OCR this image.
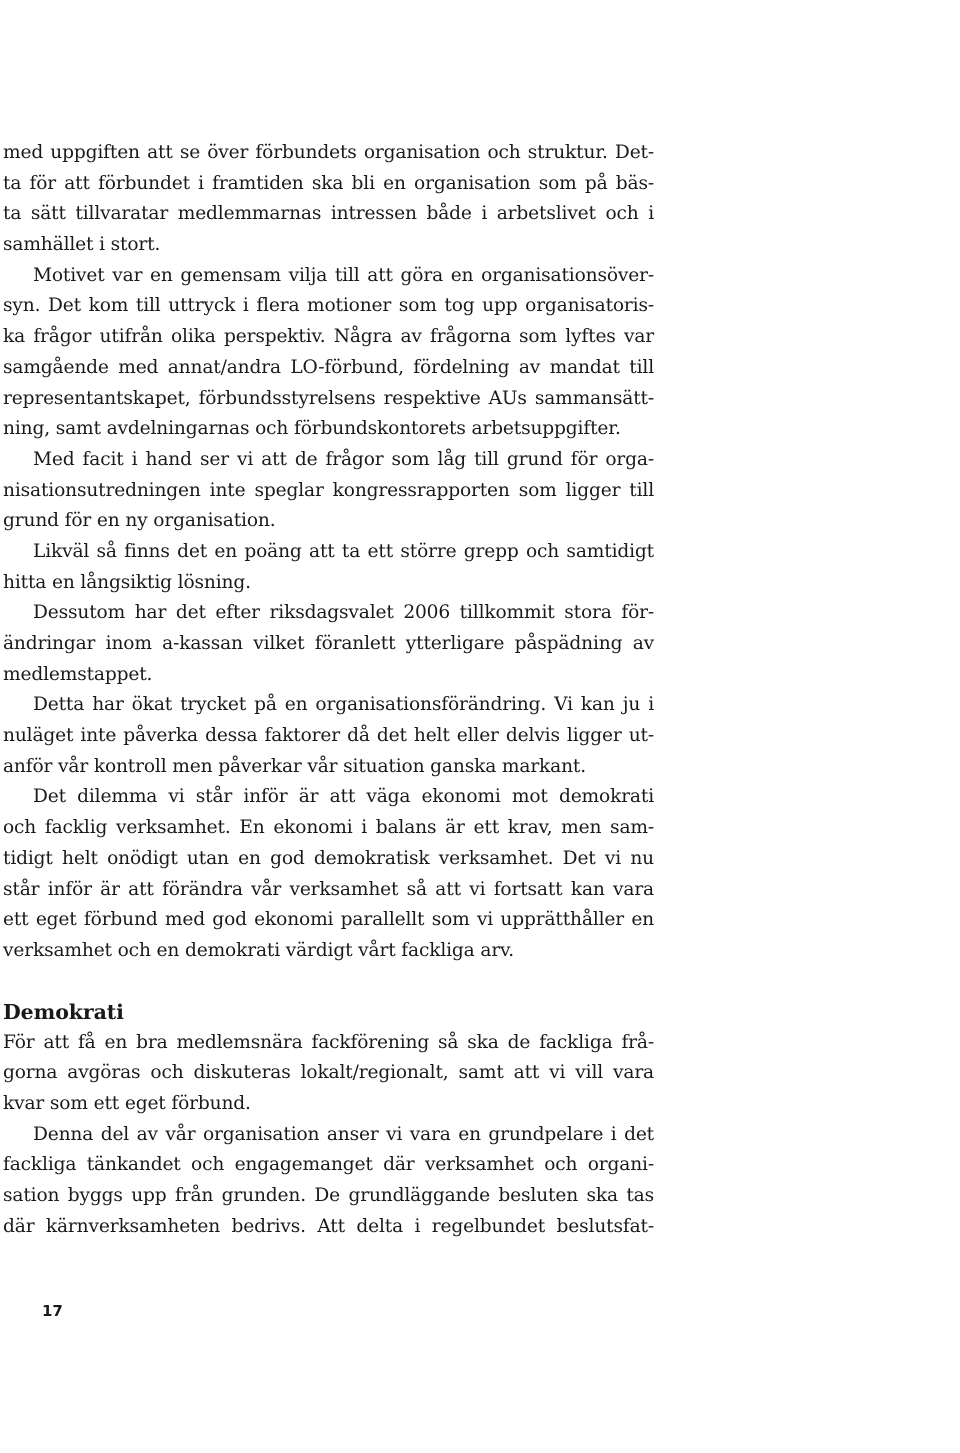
med uppgiften att se över förbundets organisation och struktur. Det-
ta för att förbundet i framtiden ska bli en organisation som på bäs-
ta sätt tillvaratar medlemmarnas intressen både i arbetslivet och i
samhället i stort.
Motivet var en gemensam vilja till att göra en organisationsöver-
syn. Det kom till uttryck i flera motioner som tog upp organisatoris-
ka frågor utifrån olika perspektiv. Några av frågorna som lyftes var
samgående med annat/andra LO-förbund, fördelning av mandat till
representantskapet, förbundsstyrelsens respektive AUs sammansätt-
ning, samt avdelningarnas och förbundskontorets arbetsuppgifter.
Med facit i hand ser vi att de frågor som låg till grund för orga-
nisationsutredningen inte speglar kongressrapporten som ligger till
grund för en ny organisation.
Likväl så finns det en poäng att ta ett större grepp och samtidigt
hitta en långsiktig lösning.
Dessutom har det efter riksdagsvalet 2006 tillkommit stora för-
ändringar inom a-kassan vilket föranlett ytterligare påspädning av
medlemstappet.
Detta har ökat trycket på en organisationsförändring. Vi kan ju i
nuläget inte påverka dessa faktorer då det helt eller delvis ligger ut-
anför vår kontroll men påverkar vår situation ganska markant.
Det dilemma vi står inför är att väga ekonomi mot demokrati
och facklig verksamhet. En ekonomi i balans är ett krav, men sam-
tidigt helt onödigt utan en god demokratisk verksamhet. Det vi nu
står inför är att förändra vår verksamhet så att vi fortsatt kan vara
ett eget förbund med god ekonomi parallellt som vi upprätthåller en
verksamhet och en demokrati värdigt vårt fackliga arv.
Demokrati
För att få en bra medlemsnära fackförening så ska de fackliga frå-
gorna avgöras och diskuteras lokalt/regionalt, samt att vi vill vara
kvar som ett eget förbund.
Denna del av vår organisation anser vi vara en grundpelare i det
fackliga tänkandet och engagemanget där verksamhet och organi-
sation byggs upp från grunden. De grundläggande besluten ska tas
där kärnverksamheten bedrivs. Att delta i regelbundet beslutsfat-
17
